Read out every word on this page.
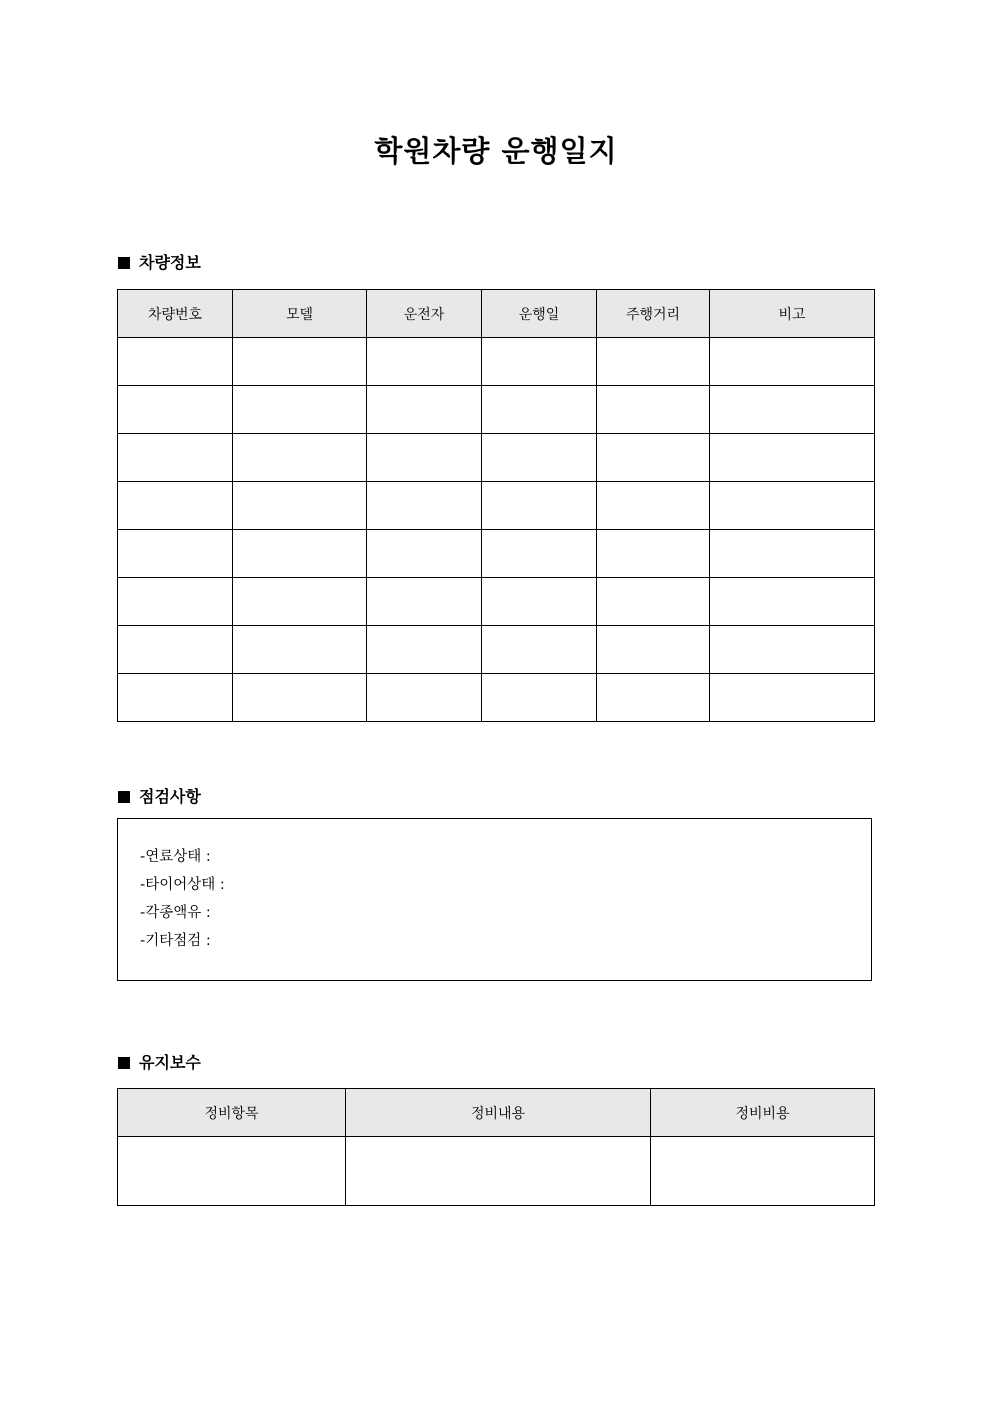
학원차량 운행일지
차량정보
차량번호	모델	운전자	운행일	주행거리	비고

점검사항
-연료상태 :
-타이어상태 :
-각종액유 :
-기타점검 :
유지보수
정비항목	정비내용	정비비용
